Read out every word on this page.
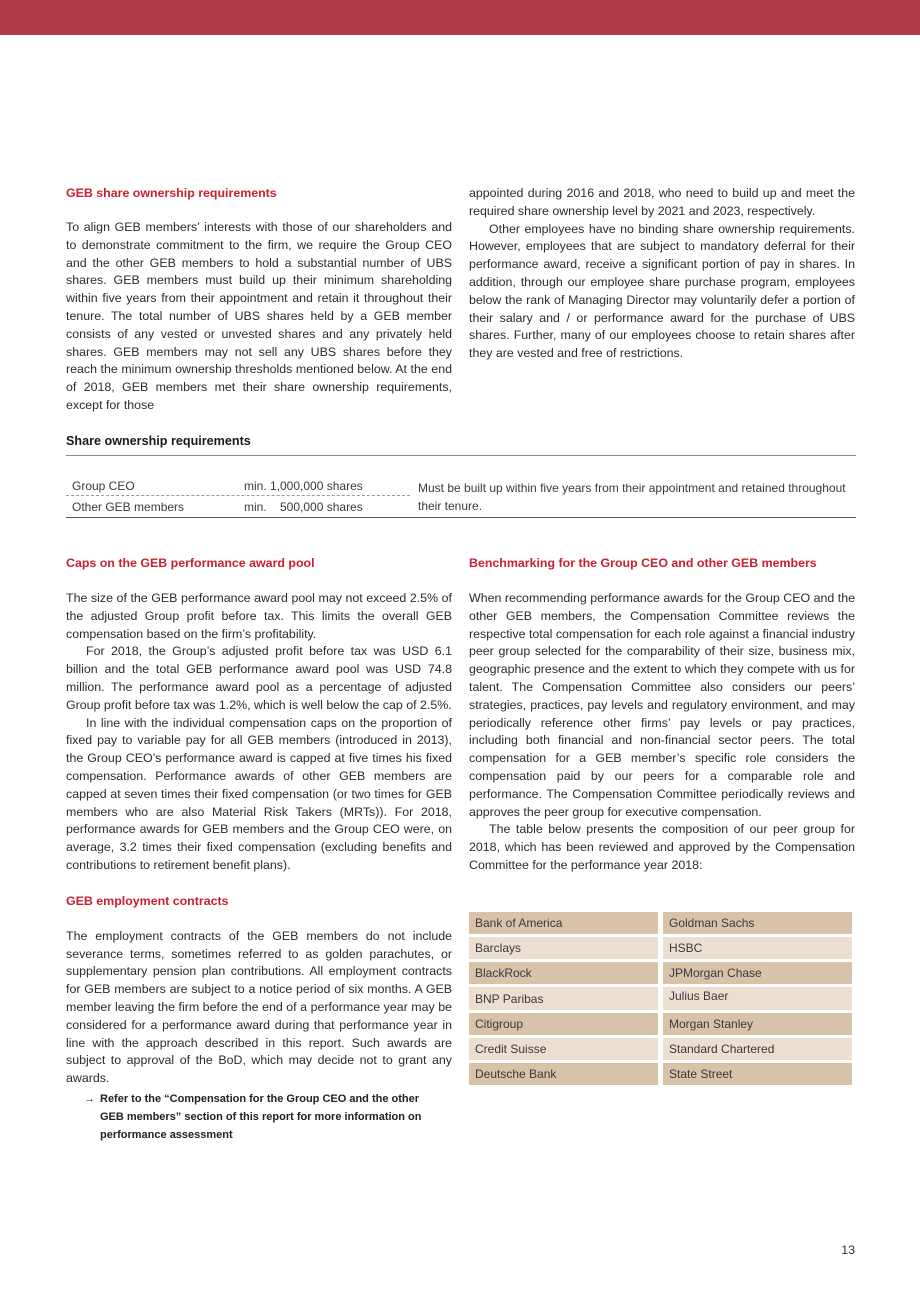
GEB share ownership requirements

To align GEB members’ interests with those of our shareholders and to demonstrate commitment to the firm, we require the Group CEO and the other GEB members to hold a substantial number of UBS shares. GEB members must build up their minimum shareholding within five years from their appointment and retain it throughout their tenure. The total number of UBS shares held by a GEB member consists of any vested or unvested shares and any privately held shares. GEB members may not sell any UBS shares before they reach the minimum ownership thresholds mentioned below. At the end of 2018, GEB members met their share ownership requirements, except for those

appointed during 2016 and 2018, who need to build up and meet the required share ownership level by 2021 and 2023, respectively.

Other employees have no binding share ownership requirements. However, employees that are subject to mandatory deferral for their performance award, receive a significant portion of pay in shares. In addition, through our employee share purchase program, employees below the rank of Managing Director may voluntarily defer a portion of their salary and / or performance award for the purchase of UBS shares. Further, many of our employees choose to retain shares after they are vested and free of restrictions.

Share ownership requirements
Group CEO	min. 1,000,000 shares
Other GEB members	min.    500,000 shares
Must be built up within five years from their appointment and retained throughout their tenure.
Caps on the GEB performance award pool

The size of the GEB performance award pool may not exceed 2.5% of the adjusted Group profit before tax. This limits the overall GEB compensation based on the firm’s profitability.

For 2018, the Group’s adjusted profit before tax was USD 6.1 billion and the total GEB performance award pool was USD 74.8 million. The performance award pool as a percentage of adjusted Group profit before tax was 1.2%, which is well below the cap of 2.5%.

In line with the individual compensation caps on the proportion of fixed pay to variable pay for all GEB members (introduced in 2013), the Group CEO’s performance award is capped at five times his fixed compensation. Performance awards of other GEB members are capped at seven times their fixed compensation (or two times for GEB members who are also Material Risk Takers (MRTs)). For 2018, performance awards for GEB members and the Group CEO were, on average, 3.2 times their fixed compensation (excluding benefits and contributions to retirement benefit plans).

GEB employment contracts

The employment contracts of the GEB members do not include severance terms, sometimes referred to as golden parachutes, or supplementary pension plan contributions. All employment contracts for GEB members are subject to a notice period of six months. A GEB member leaving the firm before the end of a performance year may be considered for a performance award during that performance year in line with the approach described in this report. Such awards are subject to approval of the BoD, which may decide not to grant any awards.

→ Refer to the “Compensation for the Group CEO and the other GEB members” section of this report for more information on performance assessment
Benchmarking for the Group CEO and other GEB members

When recommending performance awards for the Group CEO and the other GEB members, the Compensation Committee reviews the respective total compensation for each role against a financial industry peer group selected for the comparability of their size, business mix, geographic presence and the extent to which they compete with us for talent. The Compensation Committee also considers our peers’ strategies, practices, pay levels and regulatory environment, and may periodically reference other firms’ pay levels or pay practices, including both financial and non-financial sector peers. The total compensation for a GEB member’s specific role considers the compensation paid by our peers for a comparable role and performance. The Compensation Committee periodically reviews and approves the peer group for executive compensation.

The table below presents the composition of our peer group for 2018, which has been reviewed and approved by the Compensation Committee for the performance year 2018:

Bank of America	Goldman Sachs
Barclays	HSBC
BlackRock	JPMorgan Chase
BNP Paribas	Julius Baer
Citigroup	Morgan Stanley
Credit Suisse	Standard Chartered
Deutsche Bank	State Street
13
